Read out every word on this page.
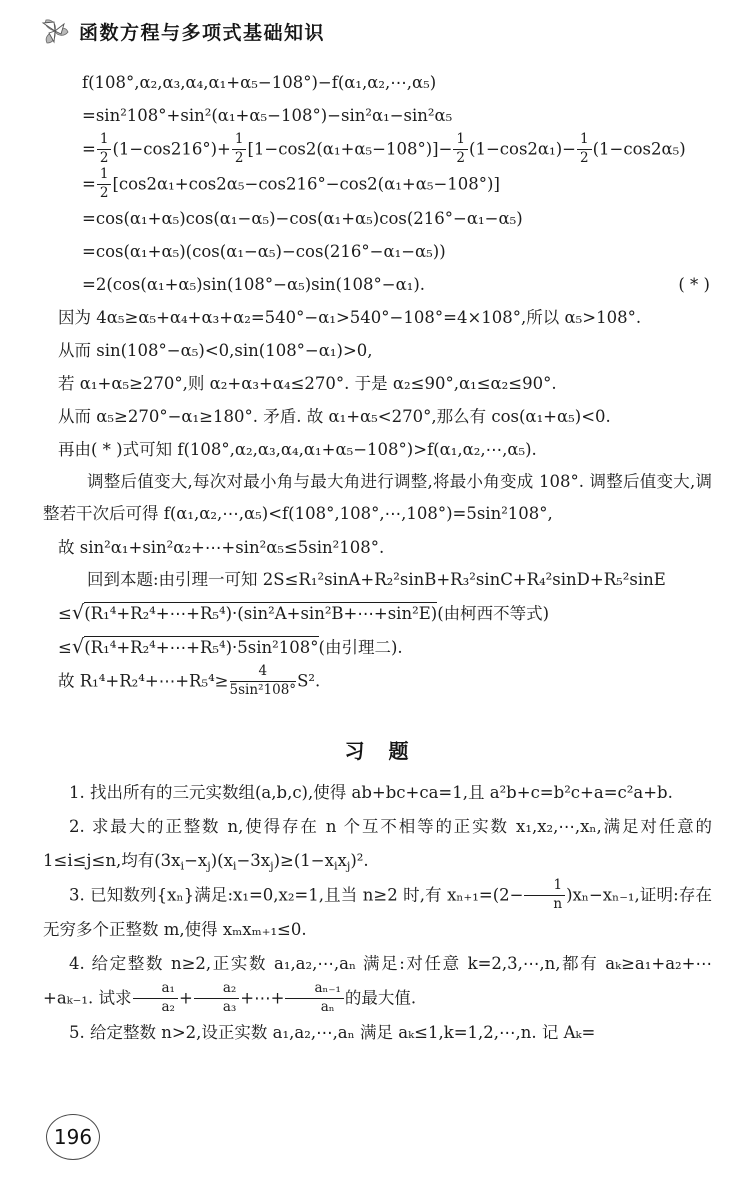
函数方程与多项式基础知识
f(108°,α₂,α₃,α₄,α₁+α₅−108°)−f(α₁,α₂,⋯,α₅)
=sin²108°+sin²(α₁+α₅−108°)−sin²α₁−sin²α₅
= $\frac{1}{2} (1-\cos 216^\circ)+ \frac{1}{2} [1-\cos 2(\alpha_1+\alpha_5-108^\circ)]- \frac{1}{2} (1-\cos 2\alpha_1)- \frac{1}{2} (1-\cos 2\alpha_5)$
= $\frac{1}{2} [\cos 2\alpha_1+\cos 2\alpha_5-\cos 216^\circ-\cos 2(\alpha_1+\alpha_5-108^\circ)]$
=cos(α₁+α₅)cos(α₁−α₅)−cos(α₁+α₅)cos(216°−α₁−α₅)
=cos(α₁+α₅)(cos(α₁−α₅)−cos(216°−α₁−α₅))
=2(cos(α₁+α₅)sin(108°−α₅)sin(108°−α₁).	( * )
因为 4α₅≥α₅+α₄+α₃+α₂=540°−α₁>540°−108°=4×108°,所以 α₅>108°.
从而 sin(108°−α₅)<0,sin(108°−α₁)>0,
若 α₁+α₅≥270°,则 α₂+α₃+α₄≤270°. 于是 α₂≤90°,α₁≤α₂≤90°.
从而 α₅≥270°−α₁≥180°. 矛盾. 故 α₁+α₅<270°,那么有 cos(α₁+α₅)<0.
再由( * )式可知 f(108°,α₂,α₃,α₄,α₁+α₅−108°)>f(α₁,α₂,⋯,α₅).
调整后值变大,每次对最小角与最大角进行调整,将最小角变成 108°. 调整后值变大,调整若干次后可得 f(α₁,α₂,⋯,α₅)<f(108°,108°,⋯,108°)=5sin²108°,
故 sin²α₁+sin²α₂+⋯+sin²α₅≤5sin²108°.
回到本题:由引理一可知 2S≤R₁²sinA+R₂²sinB+R₃²sinC+R₄²sinD+R₅²sinE
≤√(R₁⁴+R₂⁴+⋯+R₅⁴)·(sin²A+sin²B+⋯+sin²E)(由柯西不等式)
≤√(R₁⁴+R₂⁴+⋯+R₅⁴)·5sin²108°(由引理二).
故 R₁⁴+R₂⁴+⋯+R₅⁴≥ $\frac{4}{\text{5sin²108°}} S^2$.
习　题
1. 找出所有的三元实数组(a,b,c),使得 ab+bc+ca=1,且 a²b+c=b²c+a=c²a+b.
2. 求最大的正整数 n,使得存在 n 个互不相等的正实数 x₁,x₂,⋯,xₙ,满足对任意的 1≤i≤j≤n,均有$(3x_i-x_j)(x_i-3x_j)\ge(1-x_ix_j)^2$.
3. 已知数列{xₙ}满足:x₁=0,x₂=1,且当 n≥2 时,有 $x_{n+1}=(2- \frac{1}{n} )x_n-x_{n-1}$,证明:存在无穷多个正整数 m,使得 xₘxₘ₊₁≤0.
4. 给定整数 n≥2,正实数 a₁,a₂,⋯,aₙ 满足:对任意 k=2,3,⋯,n,都有 aₖ≥a₁+a₂+⋯+aₖ₋₁. 试求 $\frac{\text{a₁}}{\text{a₂}} + \frac{\text{a₂}}{\text{a₃}}$ +⋯+ $\frac{\text{aₙ₋₁}}{\text{aₙ}}$ 的最大值.
5. 给定整数 n>2,设正实数 a₁,a₂,⋯,aₙ 满足 aₖ≤1,k=1,2,⋯,n. 记 Aₖ=
196
